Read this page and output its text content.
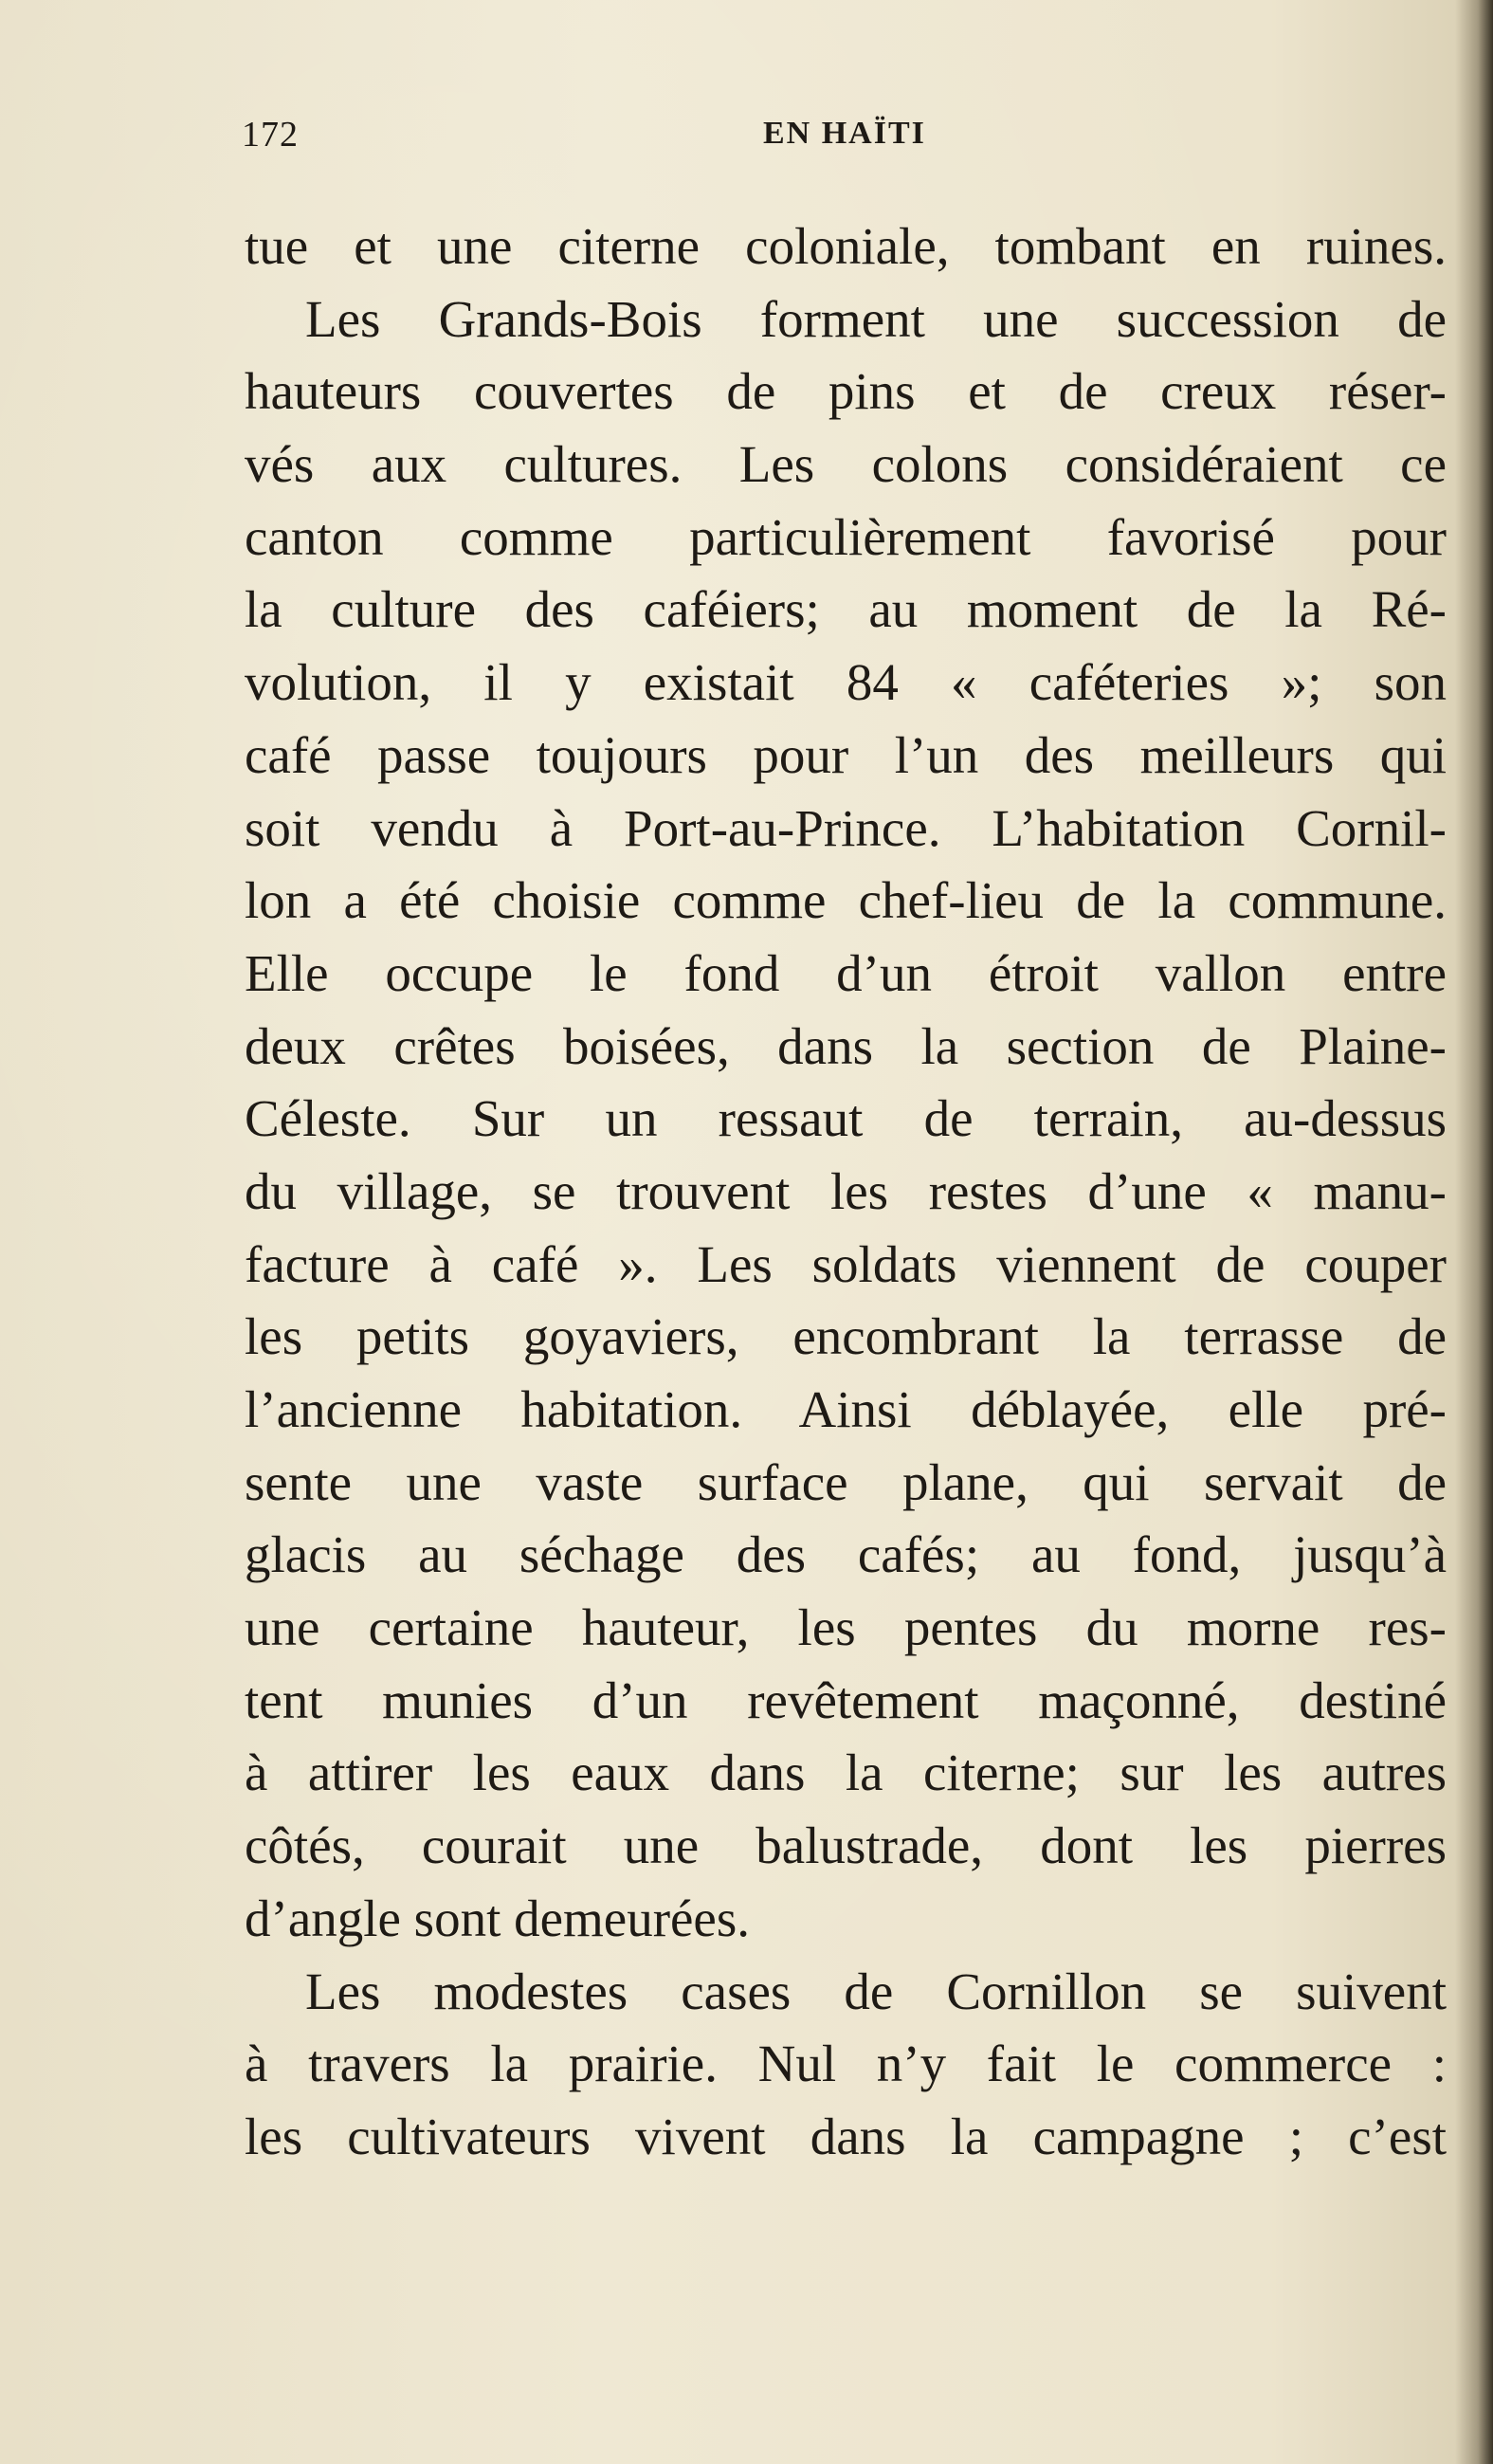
172	EN HAÏTI
tue et une citerne coloniale, tombant en ruines.
Les Grands-Bois forment une succession de
hauteurs couvertes de pins et de creux réser-
vés aux cultures. Les colons considéraient ce
canton comme particulièrement favorisé pour
la culture des caféiers; au moment de la Ré-
volution, il y existait 84 « caféteries »; son
café passe toujours pour l’un des meilleurs qui
soit vendu à Port-au-Prince. L’habitation Cornil-
lon a été choisie comme chef-lieu de la commune.
Elle occupe le fond d’un étroit vallon entre
deux crêtes boisées, dans la section de Plaine-
Céleste. Sur un ressaut de terrain, au-dessus
du village, se trouvent les restes d’une « manu-
facture à café ». Les soldats viennent de couper
les petits goyaviers, encombrant la terrasse de
l’ancienne habitation. Ainsi déblayée, elle pré-
sente une vaste surface plane, qui servait de
glacis au séchage des cafés; au fond, jusqu’à
une certaine hauteur, les pentes du morne res-
tent munies d’un revêtement maçonné, destiné
à attirer les eaux dans la citerne; sur les autres
côtés, courait une balustrade, dont les pierres
d’angle sont demeurées.
Les modestes cases de Cornillon se suivent
à travers la prairie. Nul n’y fait le commerce :
les cultivateurs vivent dans la campagne ; c’est
